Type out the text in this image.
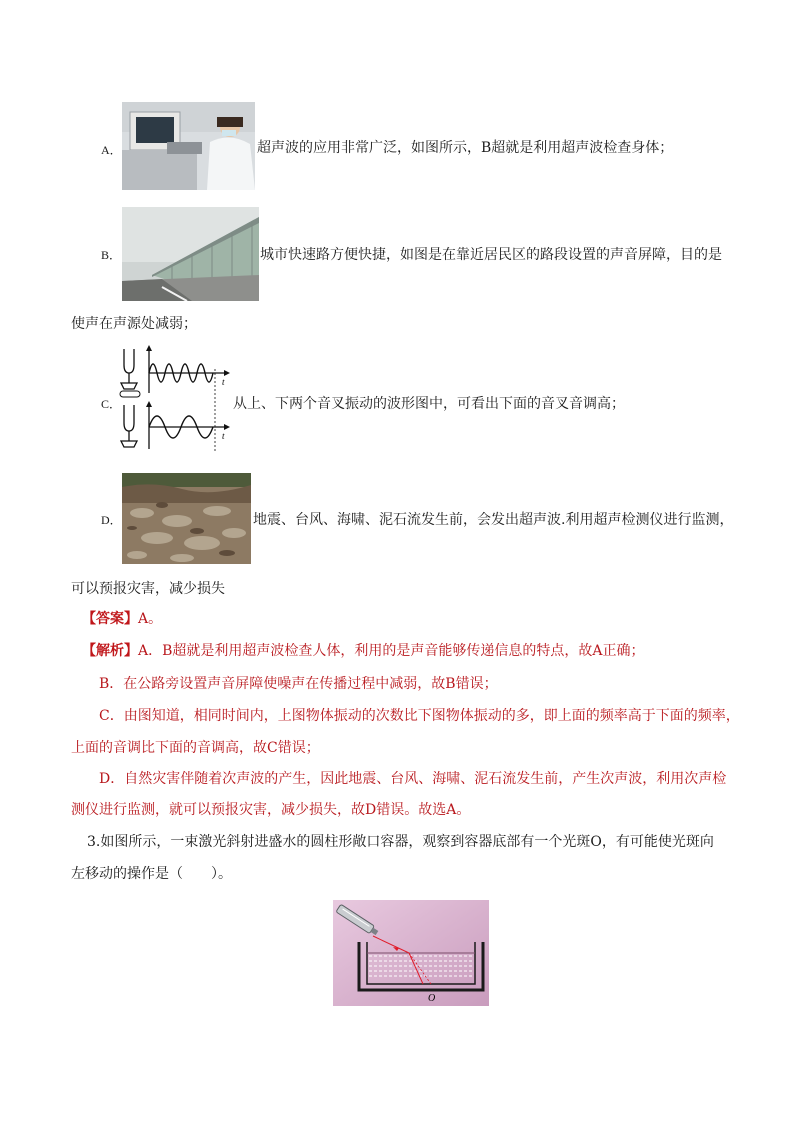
A．	超声波的应用非常广泛，如图所示，B超就是利用超声波检查身体；
B．	城市快速路方便快捷，如图是在靠近居民区的路段设置的声音屏障，目的是
使声在声源处减弱；
C．
t
t
从上、下两个音叉振动的波形图中，可看出下面的音叉音调高；
D．	地震、台风、海啸、泥石流发生前，会发出超声波.利用超声检测仪进行监测，
可以预报灾害，减少损失
【答案】A。
【解析】A．B超就是利用超声波检查人体，利用的是声音能够传递信息的特点，故A正确；
B．在公路旁设置声音屏障使噪声在传播过程中减弱，故B错误；
C．由图知道，相同时间内，上图物体振动的次数比下图物体振动的多，即上面的频率高于下面的频率，
上面的音调比下面的音调高，故C错误；
D．自然灾害伴随着次声波的产生，因此地震、台风、海啸、泥石流发生前，产生次声波，利用次声检
测仪进行监测，就可以预报灾害，减少损失，故D错误。故选A。
3.如图所示，一束激光斜射进盛水的圆柱形敞口容器，观察到容器底部有一个光斑O，有可能使光斑向
左移动的操作是（　　）。
O
